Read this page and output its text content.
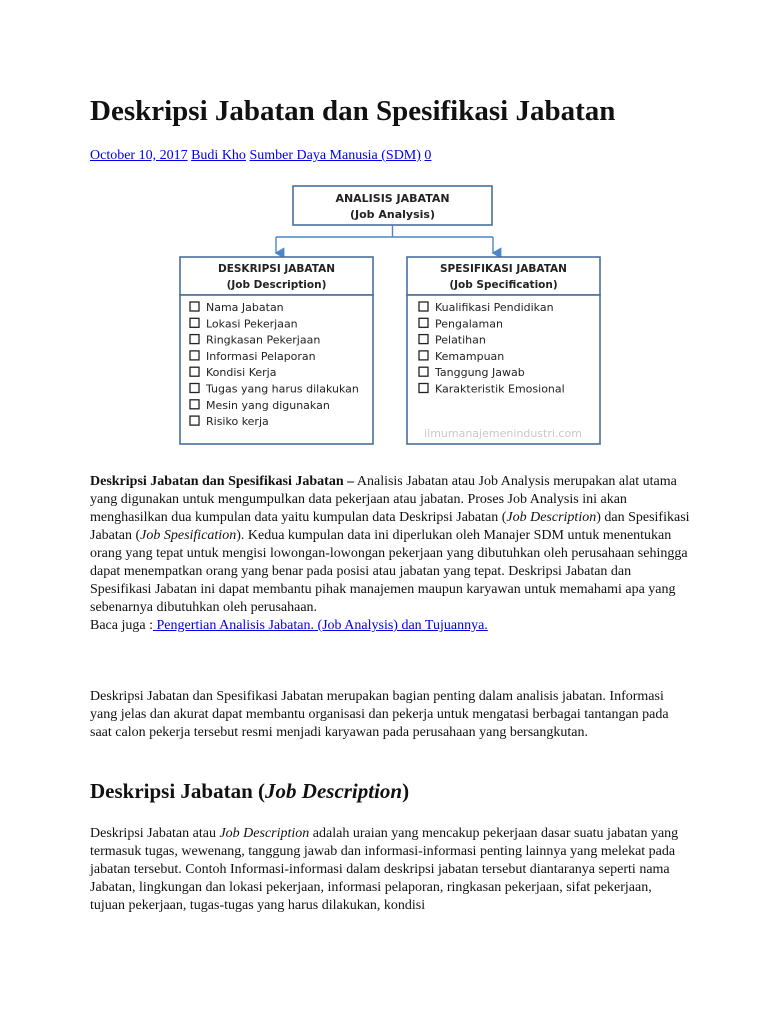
Deskripsi Jabatan dan Spesifikasi Jabatan
October 10, 2017 Budi Kho Sumber Daya Manusia (SDM) 0
ANALISIS JABATAN
(Job Analysis)
DESKRIPSI JABATAN
(Job Description)
Nama Jabatan
Lokasi Pekerjaan
Ringkasan Pekerjaan
Informasi Pelaporan
Kondisi Kerja
Tugas yang harus dilakukan
Mesin yang digunakan
Risiko kerja
SPESIFIKASI JABATAN
(Job Specification)
Kualifikasi Pendidikan
Pengalaman
Pelatihan
Kemampuan
Tanggung Jawab
Karakteristik Emosional
ilmumanajemenindustri.com

Deskripsi Jabatan dan Spesifikasi Jabatan – Analisis Jabatan atau Job Analysis merupakan alat utama yang digunakan untuk mengumpulkan data pekerjaan atau jabatan. Proses Job Analysis ini akan menghasilkan dua kumpulan data yaitu kumpulan data Deskripsi Jabatan (Job Description) dan Spesifikasi Jabatan (Job Spesification). Kedua kumpulan data ini diperlukan oleh Manajer SDM untuk menentukan orang yang tepat untuk mengisi lowongan-lowongan pekerjaan yang dibutuhkan oleh perusahaan sehingga dapat menempatkan orang yang benar pada posisi atau jabatan yang tepat. Deskripsi Jabatan dan Spesifikasi Jabatan ini dapat membantu pihak manajemen maupun karyawan untuk memahami apa yang sebenarnya dibutuhkan oleh perusahaan.
Baca juga : Pengertian Analisis Jabatan. (Job Analysis) dan Tujuannya.

Deskripsi Jabatan dan Spesifikasi Jabatan merupakan bagian penting dalam analisis jabatan. Informasi yang jelas dan akurat dapat membantu organisasi dan pekerja untuk mengatasi berbagai tantangan pada saat calon pekerja tersebut resmi menjadi karyawan pada perusahaan yang bersangkutan.

Deskripsi Jabatan (Job Description)

Deskripsi Jabatan atau Job Description adalah uraian yang mencakup pekerjaan dasar suatu jabatan yang termasuk tugas, wewenang, tanggung jawab dan informasi-informasi penting lainnya yang melekat pada jabatan tersebut. Contoh Informasi-informasi dalam deskripsi jabatan tersebut diantaranya seperti nama Jabatan, lingkungan dan lokasi pekerjaan, informasi pelaporan, ringkasan pekerjaan, sifat pekerjaan, tujuan pekerjaan, tugas-tugas yang harus dilakukan, kondisi
